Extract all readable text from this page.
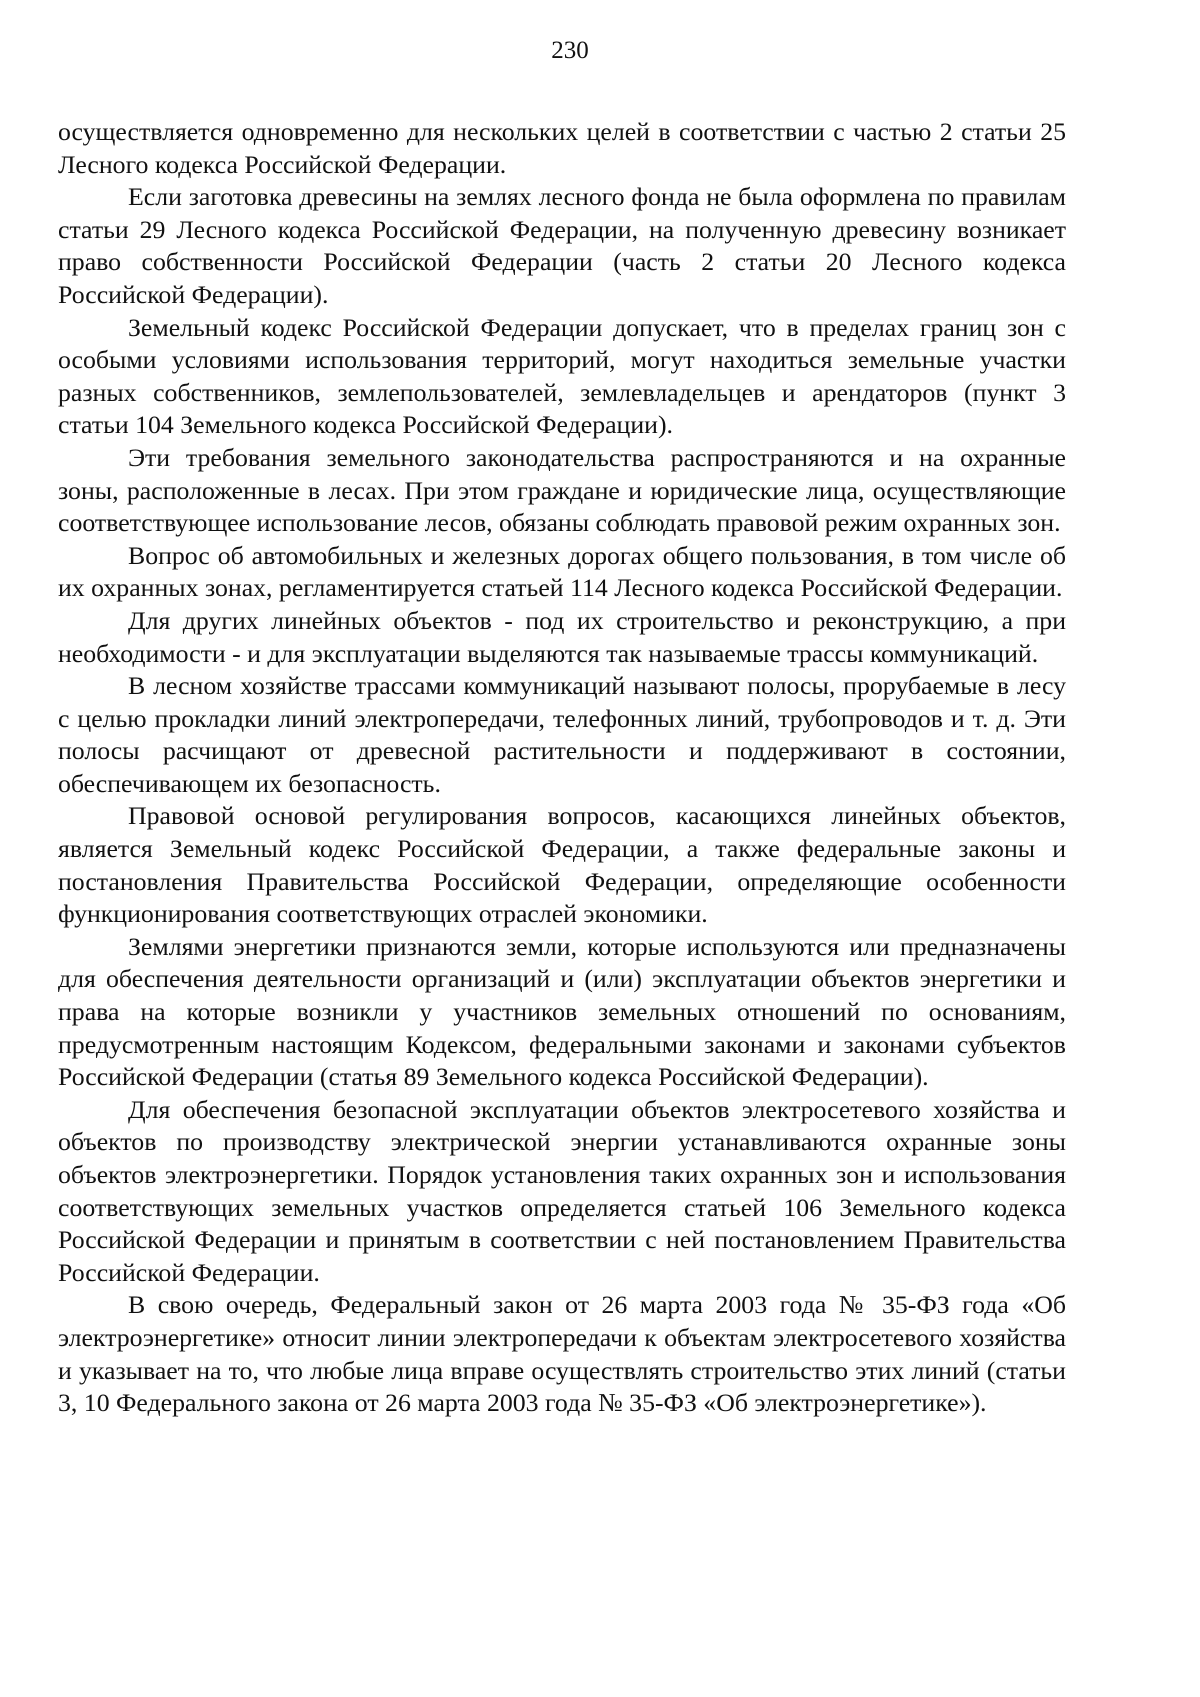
230

осуществляется одновременно для нескольких целей в соответствии с частью 2 статьи 25 Лесного кодекса Российской Федерации.

Если заготовка древесины на землях лесного фонда не была оформлена по правилам статьи 29 Лесного кодекса Российской Федерации, на полученную древесину возникает право собственности Российской Федерации (часть 2 статьи 20 Лесного кодекса Российской Федерации).

Земельный кодекс Российской Федерации допускает, что в пределах границ зон с особыми условиями использования территорий, могут находиться земельные участки разных собственников, землепользователей, землевладельцев и арендаторов (пункт 3 статьи 104 Земельного кодекса Российской Федерации).

Эти требования земельного законодательства распространяются и на охранные зоны, расположенные в лесах. При этом граждане и юридические лица, осуществляющие соответствующее использование лесов, обязаны соблюдать правовой режим охранных зон.

Вопрос об автомобильных и железных дорогах общего пользования, в том числе об их охранных зонах, регламентируется статьей 114 Лесного кодекса Российской Федерации.

Для других линейных объектов - под их строительство и реконструкцию, а при необходимости - и для эксплуатации выделяются так называемые трассы коммуникаций.

В лесном хозяйстве трассами коммуникаций называют полосы, прорубаемые в лесу с целью прокладки линий электропередачи, телефонных линий, трубопроводов и т. д. Эти полосы расчищают от древесной растительности и поддерживают в состоянии, обеспечивающем их безопасность.

Правовой основой регулирования вопросов, касающихся линейных объектов, является Земельный кодекс Российской Федерации, а также федеральные законы и постановления Правительства Российской Федерации, определяющие особенности функционирования соответствующих отраслей экономики.

Землями энергетики признаются земли, которые используются или предназначены для обеспечения деятельности организаций и (или) эксплуатации объектов энергетики и права на которые возникли у участников земельных отношений по основаниям, предусмотренным настоящим Кодексом, федеральными законами и законами субъектов Российской Федерации (статья 89 Земельного кодекса Российской Федерации).

Для обеспечения безопасной эксплуатации объектов электросетевого хозяйства и объектов по производству электрической энергии устанавливаются охранные зоны объектов электроэнергетики. Порядок установления таких охранных зон и использования соответствующих земельных участков определяется статьей 106 Земельного кодекса Российской Федерации и принятым в соответствии с ней постановлением Правительства Российской Федерации.

В свою очередь, Федеральный закон от 26 марта 2003 года № 35-ФЗ года «Об электроэнергетике» относит линии электропередачи к объектам электросетевого хозяйства и указывает на то, что любые лица вправе осуществлять строительство этих линий (статьи 3, 10 Федерального закона от 26 марта 2003 года № 35-ФЗ «Об электроэнергетике»).
